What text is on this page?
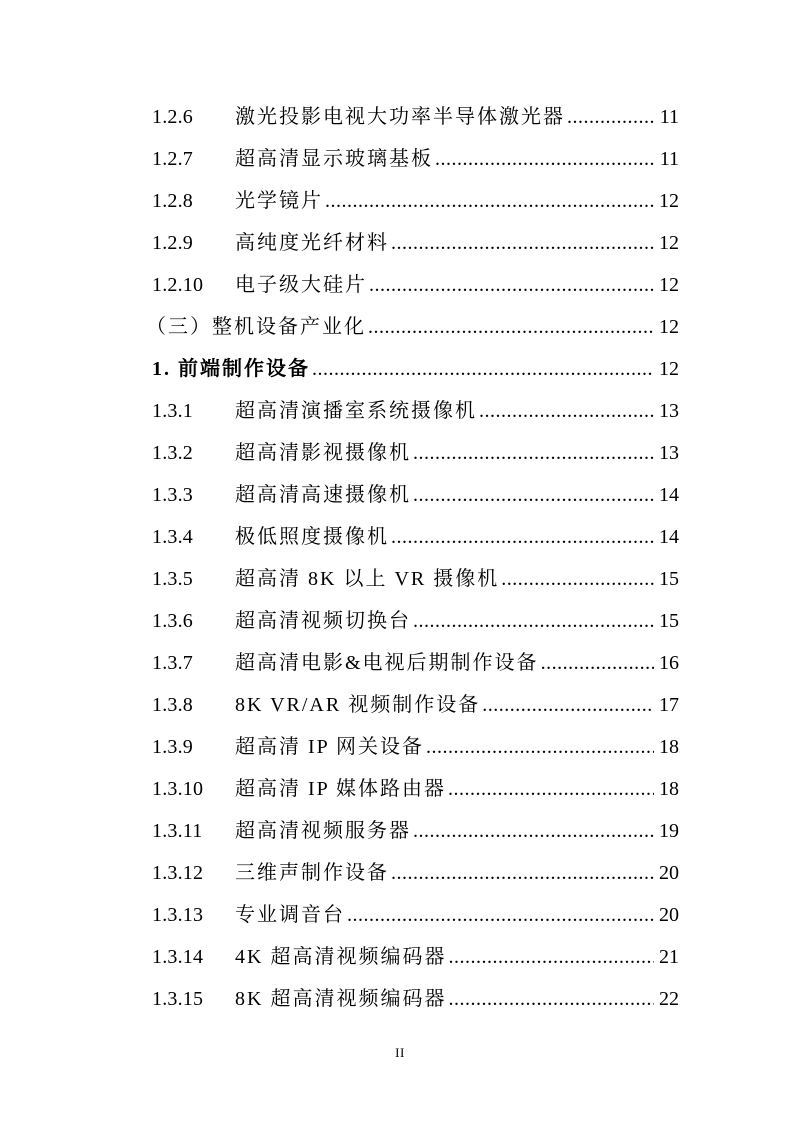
1.2.6 激光投影电视大功率半导体激光器 .....	11
1.2.7 超高清显示玻璃基板 .....	11
1.2.8 光学镜片 .....	12
1.2.9 高纯度光纤材料 .....	12
1.2.10 电子级大硅片 .....	12
（三）整机设备产业化 .....	12
1. 前端制作设备 .....	12
1.3.1 超高清演播室系统摄像机 .....	13
1.3.2 超高清影视摄像机 .....	13
1.3.3 超高清高速摄像机 .....	14
1.3.4 极低照度摄像机 .....	14
1.3.5 超高清 8K 以上 VR 摄像机 .....	15
1.3.6 超高清视频切换台 .....	15
1.3.7 超高清电影&电视后期制作设备 .....	16
1.3.8 8K VR/AR 视频制作设备 .....	17
1.3.9 超高清 IP 网关设备 .....	18
1.3.10 超高清 IP 媒体路由器 .....	18
1.3.11 超高清视频服务器 .....	19
1.3.12 三维声制作设备 .....	20
1.3.13 专业调音台 .....	20
1.3.14 4K 超高清视频编码器 .....	21
1.3.15 8K 超高清视频编码器 .....	22
II
